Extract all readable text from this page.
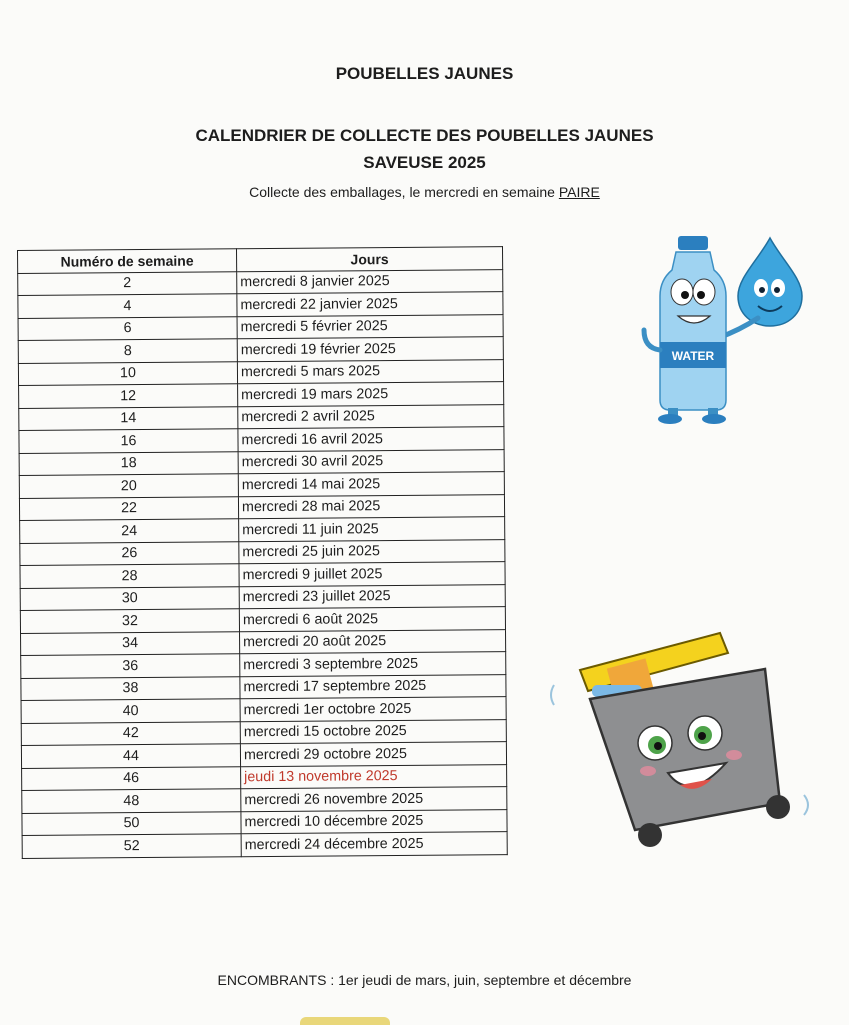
POUBELLES JAUNES
CALENDRIER DE COLLECTE DES POUBELLES JAUNES
SAVEUSE 2025
Collecte des emballages, le mercredi en semaine PAIRE
Numéro de semaine	Jours
2	mercredi 8 janvier 2025
4	mercredi 22 janvier 2025
6	mercredi 5 février 2025
8	mercredi 19 février 2025
10	mercredi 5 mars 2025
12	mercredi 19 mars 2025
14	mercredi 2 avril 2025
16	mercredi 16 avril 2025
18	mercredi 30 avril 2025
20	mercredi 14 mai 2025
22	mercredi 28 mai 2025
24	mercredi 11 juin 2025
26	mercredi 25 juin 2025
28	mercredi 9 juillet 2025
30	mercredi 23 juillet 2025
32	mercredi 6 août 2025
34	mercredi 20 août 2025
36	mercredi 3 septembre 2025
38	mercredi 17 septembre 2025
40	mercredi 1er octobre 2025
42	mercredi 15 octobre 2025
44	mercredi 29 octobre 2025
46	jeudi 13 novembre 2025
48	mercredi 26 novembre 2025
50	mercredi 10 décembre 2025
52	mercredi 24 décembre 2025
ENCOMBRANTS : 1er jeudi de mars, juin, septembre et décembre
WATER
